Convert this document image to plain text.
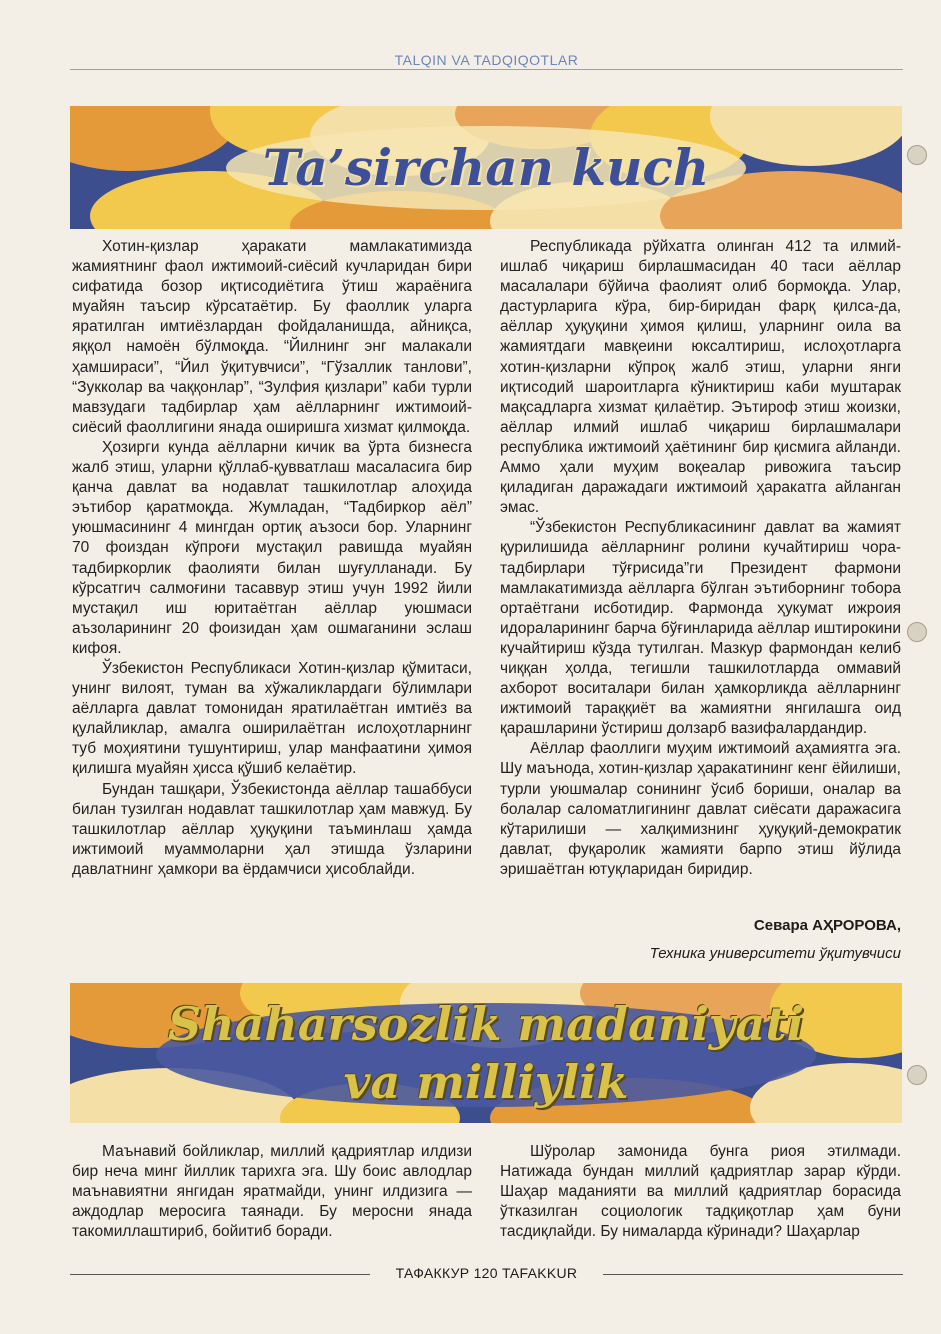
TALQIN VA TADQIQOTLAR
Ta’sirchan kuch

Хотин-қизлар ҳаракати мамлакатимизда жамиятнинг фаол ижтимоий-сиёсий кучларидан бири сифатида бозор иқтисодиётига ўтиш жараёнига муайян таъсир кўрсатаётир. Бу фаоллик уларга яратилган имтиёзлардан фойдаланишда, айниқса, яққол намоён бўлмоқда. “Йилнинг энг малакали ҳамшираси”, “Йил ўқитувчиси”, “Гўзаллик танлови”, “Зукколар ва чаққонлар”, “Зулфия қизлари” каби турли мавзудаги тадбирлар ҳам аёлларнинг ижтимоий-сиёсий фаоллигини янада оширишга хизмат қилмоқда.

Ҳозирги кунда аёлларни кичик ва ўрта бизнесга жалб этиш, уларни қўллаб-қувватлаш масаласига бир қанча давлат ва нодавлат ташкилотлар алоҳида эътибор қаратмоқда. Жумладан, “Тадбиркор аёл” уюшмасининг 4 мингдан ортиқ аъзоси бор. Уларнинг 70 фоиздан кўпроғи мустақил равишда муайян тадбиркорлик фаолияти билан шуғулланади. Бу кўрсатгич салмоғини тасаввур этиш учун 1992 йили мустақил иш юритаётган аёллар уюшмаси аъзоларининг 20 фоизидан ҳам ошмаганини эслаш кифоя.

Ўзбекистон Республикаси Хотин-қизлар қўмитаси, унинг вилоят, туман ва хўжаликлардаги бўлимлари аёлларга давлат томонидан яратилаётган имтиёз ва қулайликлар, амалга оширилаётган ислоҳотларнинг туб моҳиятини тушунтириш, улар манфаатини ҳимоя қилишга муайян ҳисса қўшиб келаётир.

Бундан ташқари, Ўзбекистонда аёллар ташаббуси билан тузилган нодавлат ташкилотлар ҳам мавжуд. Бу ташкилотлар аёллар ҳуқуқини таъминлаш ҳамда ижтимоий муаммоларни ҳал этишда ўзларини давлатнинг ҳамкори ва ёрдамчиси ҳисоблайди.

Республикада рўйхатга олинган 412 та илмий-ишлаб чиқариш бирлашмасидан 40 таси аёллар масалалари бўйича фаолият олиб бормоқда. Улар, дастурларига кўра, бир-биридан фарқ қилса-да, аёллар ҳуқуқини ҳимоя қилиш, уларнинг оила ва жамиятдаги мавқеини юксалтириш, ислоҳотларга хотин-қизларни кўпроқ жалб этиш, уларни янги иқтисодий шароитларга кўниктириш каби муштарак мақсадларга хизмат қилаётир. Эътироф этиш жоизки, аёллар илмий ишлаб чиқариш бирлашмалари республика ижтимоий ҳаётининг бир қисмига айланди. Аммо ҳали муҳим воқеалар ривожига таъсир қиладиган даражадаги ижтимоий ҳаракатга айланган эмас.

“Ўзбекистон Республикасининг давлат ва жамият қурилишида аёлларнинг ролини кучайтириш чора-тадбирлари тўғрисида”ги Президент фармони мамлакатимизда аёлларга бўлган эътиборнинг тобора ортаётгани исботидир. Фармонда ҳукумат ижроия идораларининг барча бўғинларида аёллар иштирокини кучайтириш кўзда тутилган. Мазкур фармондан келиб чиққан ҳолда, тегишли ташкилотларда оммавий ахборот воситалари билан ҳамкорликда аёлларнинг ижтимоий тараққиёт ва жамиятни янгилашга оид қарашларини ўстириш долзарб вазифалардандир.

Аёллар фаоллиги муҳим ижтимоий аҳамиятга эга. Шу маънода, хотин-қизлар ҳаракатининг кенг ёйилиши, турли уюшмалар сонининг ўсиб бориши, оналар ва болалар саломатлигининг давлат сиёсати даражасига кўтарилиши — халқимизнинг ҳуқуқий-демократик давлат, фуқаролик жамияти барпо этиш йўлида эришаётган ютуқларидан биридир.

Севара АҲРОРОВА,
Техника университети ўқитувчиси
Shaharsozlik madaniyati
va milliylik

Маънавий бойликлар, миллий қадриятлар илдизи бир неча минг йиллик тарихга эга. Шу боис авлодлар маънавиятни янгидан яратмайди, унинг илдизига — аждодлар меросига таянади. Бу меросни янада такомиллаштириб, бойитиб боради.

Шўролар замонида бунга риоя этилмади. Натижада бундан миллий қадриятлар зарар кўрди. Шаҳар маданияти ва миллий қадриятлар борасида ўтказилган социологик тадқиқотлар ҳам буни тасдиқлайди. Бу нималарда кўринади? Шаҳарлар

ТАФАККУР 120 TAFAKKUR
